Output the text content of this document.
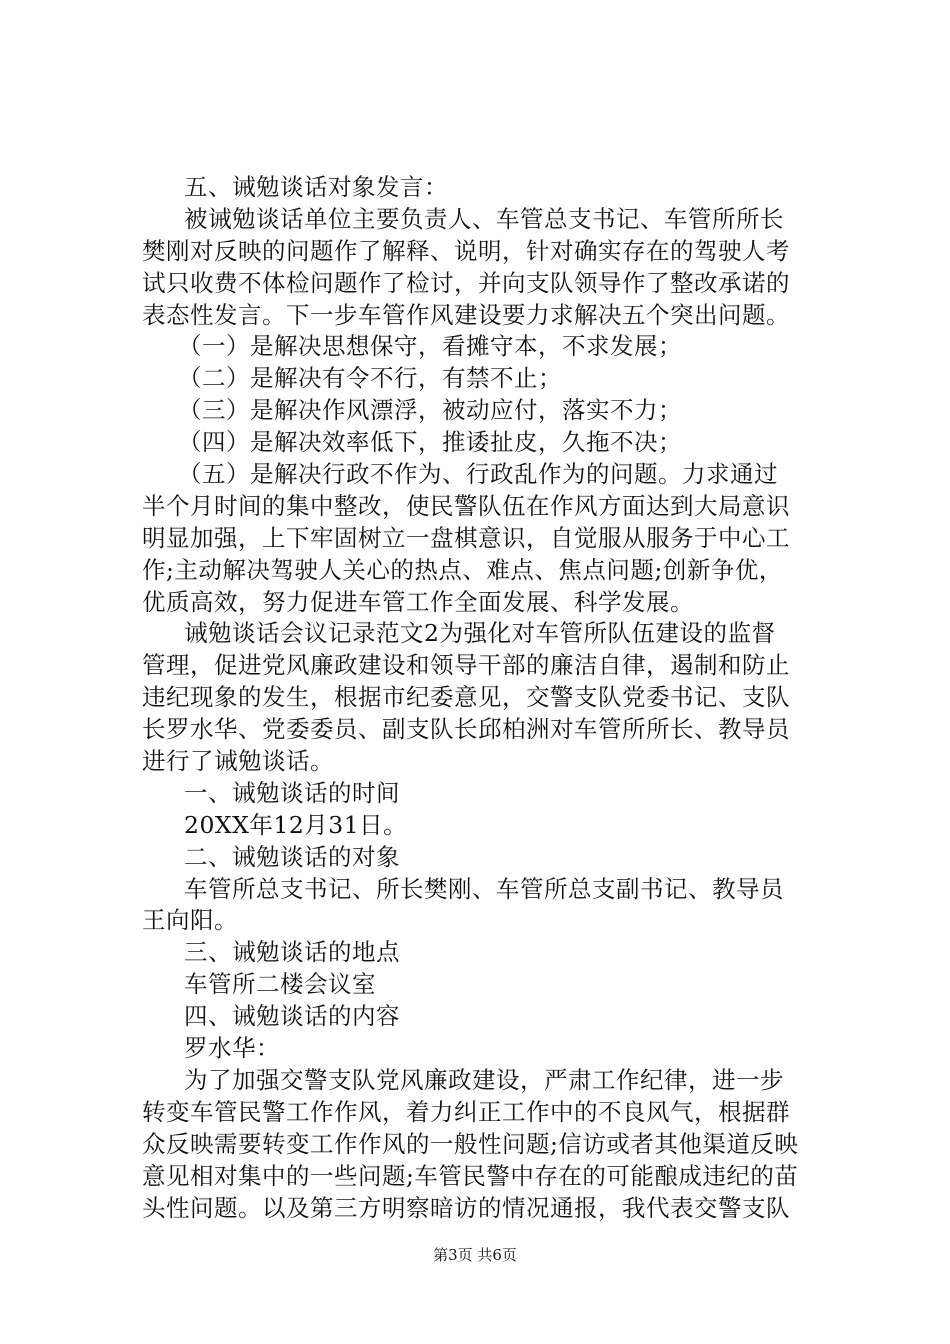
五、诫勉谈话对象发言：
被诫勉谈话单位主要负责人、车管总支书记、车管所所长
樊刚对反映的问题作了解释、说明，针对确实存在的驾驶人考
试只收费不体检问题作了检讨，并向支队领导作了整改承诺的
表态性发言。下一步车管作风建设要力求解决五个突出问题。
（一）是解决思想保守，看摊守本，不求发展；
（二）是解决有令不行，有禁不止；
（三）是解决作风漂浮，被动应付，落实不力；
（四）是解决效率低下，推诿扯皮，久拖不决；
（五）是解决行政不作为、行政乱作为的问题。力求通过
半个月时间的集中整改，使民警队伍在作风方面达到大局意识
明显加强，上下牢固树立一盘棋意识，自觉服从服务于中心工
作;主动解决驾驶人关心的热点、难点、焦点问题;创新争优，
优质高效，努力促进车管工作全面发展、科学发展。
诫勉谈话会议记录范文2为强化对车管所队伍建设的监督
管理，促进党风廉政建设和领导干部的廉洁自律，遏制和防止
违纪现象的发生，根据市纪委意见，交警支队党委书记、支队
长罗水华、党委委员、副支队长邱柏洲对车管所所长、教导员
进行了诫勉谈话。
一、诫勉谈话的时间
20XX年12月31日。
二、诫勉谈话的对象
车管所总支书记、所长樊刚、车管所总支副书记、教导员
王向阳。
三、诫勉谈话的地点
车管所二楼会议室
四、诫勉谈话的内容
罗水华：
为了加强交警支队党风廉政建设，严肃工作纪律，进一步
转变车管民警工作作风，着力纠正工作中的不良风气，根据群
众反映需要转变工作作风的一般性问题;信访或者其他渠道反映
意见相对集中的一些问题;车管民警中存在的可能酿成违纪的苗
头性问题。以及第三方明察暗访的情况通报，我代表交警支队
第3页 共6页
